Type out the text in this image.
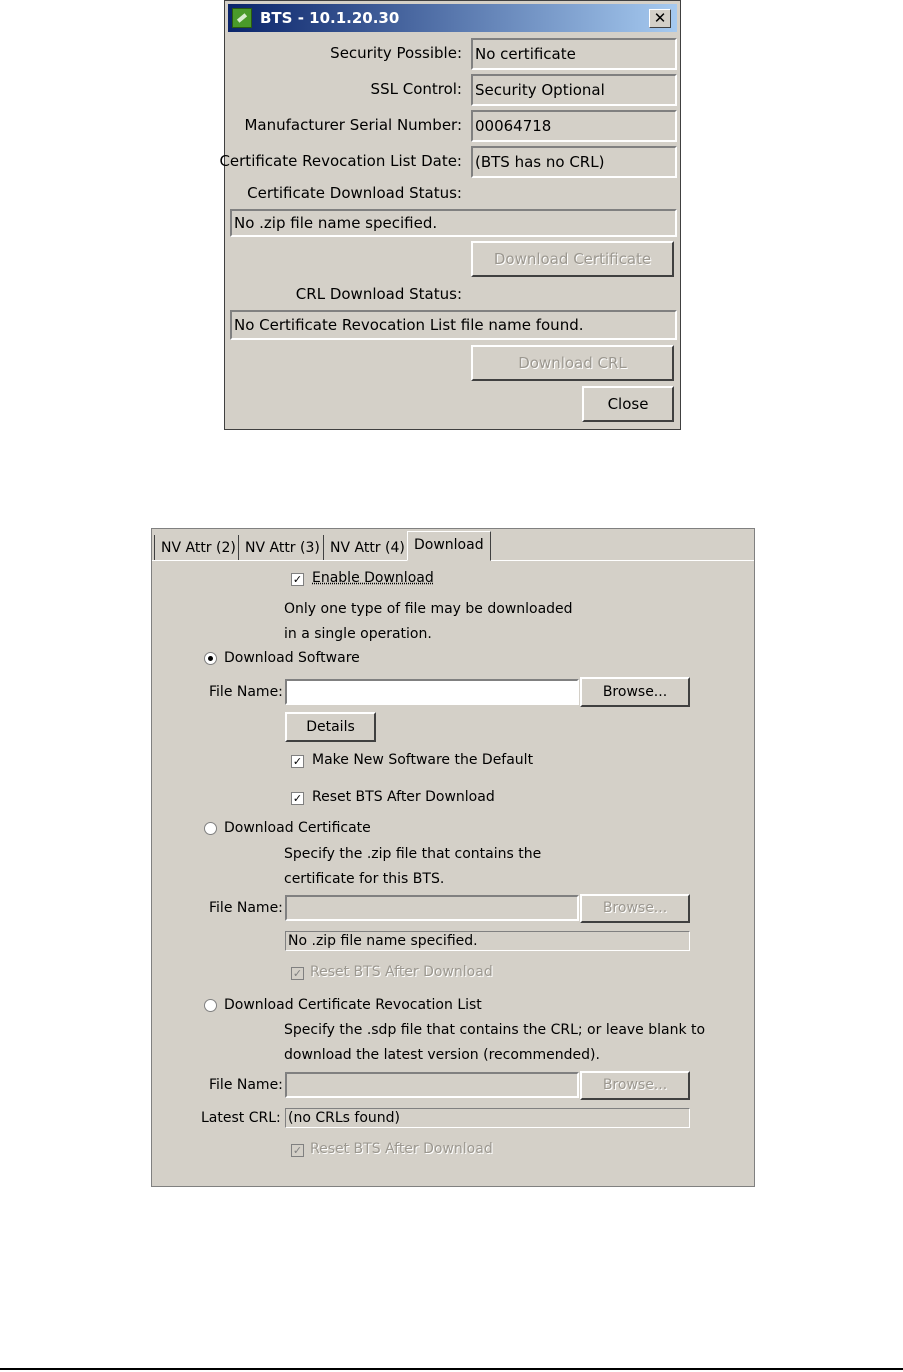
BTS - 10.1.20.30	✕
Security Possible: No certificate
SSL Control: Security Optional
Manufacturer Serial Number: 00064718
Certificate Revocation List Date: (BTS has no CRL)
Certificate Download Status:
No .zip file name specified.
Download Certificate
CRL Download Status:
No Certificate Revocation List file name found.
Download CRL
Close
NV Attr (2) NV Attr (3) NV Attr (4) Download
✓ Enable Download
Only one type of file may be downloaded
in a single operation.
Download Software
File Name:	Browse...
Details
✓ Make New Software the Default
✓ Reset BTS After Download
Download Certificate
Specify the .zip file that contains the
certificate for this BTS.
File Name:	Browse...
No .zip file name specified.
✓ Reset BTS After Download
Download Certificate Revocation List
Specify the .sdp file that contains the CRL; or leave blank to
download the latest version (recommended).
File Name:	Browse...
Latest CRL: (no CRLs found)
✓ Reset BTS After Download
